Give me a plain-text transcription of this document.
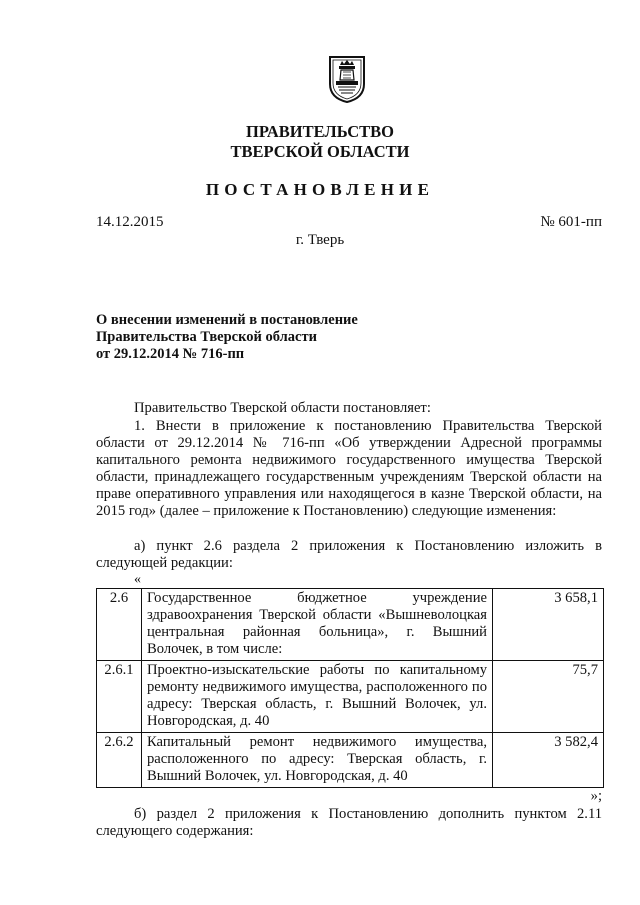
ПРАВИТЕЛЬСТВО
ТВЕРСКОЙ ОБЛАСТИ
ПОСТАНОВЛЕНИЕ
14.12.2015	№ 601-пп
г. Тверь
О внесении изменений в постановление
Правительства Тверской области
от 29.12.2014 № 716-пп
Правительство Тверской области постановляет:
1. Внести в приложение к постановлению Правительства Тверской области от 29.12.2014 № 716-пп «Об утверждении Адресной программы капитального ремонта недвижимого государственного имущества Тверской области, принадлежащего государственным учреждениям Тверской области на праве оперативного управления или находящегося в казне Тверской области, на 2015 год» (далее – приложение к Постановлению) следующие изменения:
а) пункт 2.6 раздела 2 приложения к Постановлению изложить в следующей редакции:
«
2.6	Государственное бюджетное учреждение здравоохранения Тверской области «Вышневолоцкая центральная районная больница», г. Вышний Волочек, в том числе:	3 658,1
2.6.1	Проектно-изыскательские работы по капитальному ремонту недвижимого имущества, расположенного по адресу: Тверская область, г. Вышний Волочек, ул. Новгородская, д. 40	75,7
2.6.2	Капитальный ремонт недвижимого имущества, расположенного по адресу: Тверская область, г. Вышний Волочек, ул. Новгородская, д. 40	3 582,4
»;
б) раздел 2 приложения к Постановлению дополнить пунктом 2.11 следующего содержания:
